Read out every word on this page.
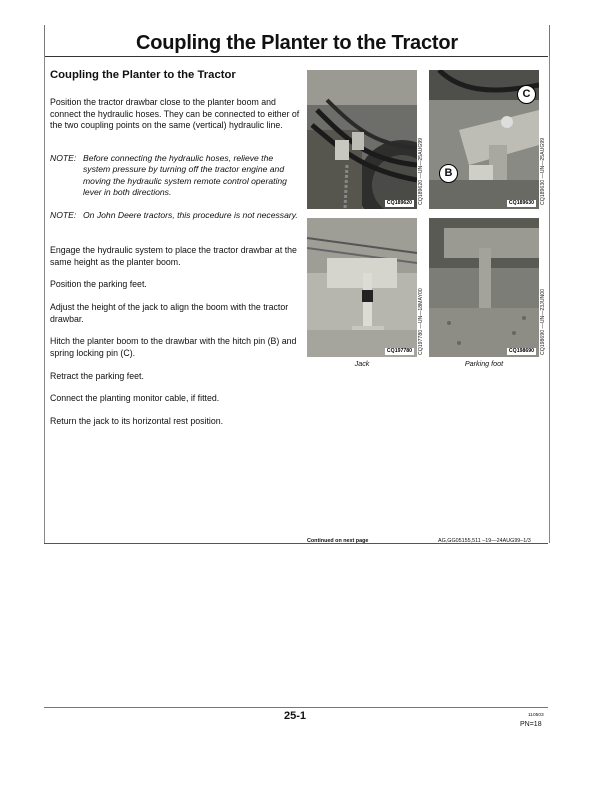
Coupling the Planter to the Tractor
Coupling the Planter to the Tractor

Position the tractor drawbar close to the planter boom and connect the hydraulic hoses. They can be connected to either of the two coupling points on the same (vertical) hydraulic line.

NOTE: Before connecting the hydraulic hoses, relieve the system pressure by turning off the tractor engine and moving the hydraulic system remote control operating lever in both directions.
NOTE: On John Deere tractors, this procedure is not necessary.

Engage the hydraulic system to place the tractor drawbar at the same height as the planter boom.

Position the parking feet.

Adjust the height of the jack to align the boom with the tractor drawbar.

Hitch the planter boom to the drawbar with the hitch pin (B) and spring locking pin (C).

Retract the parking feet.

Connect the planting monitor cable, if fitted.

Return the jack to its horizontal rest position.

CQ189620	CQ189620 —UN—25AUG99
C
B
CQ189630	CQ189630 —UN—25AUG99
CQ197780	CQ197780 —UN—18MAY00
Jack
CQ198690	CQ198690 —UN—23JUN00
Parking foot
Continued on next page	AG,GG05155,511 –19—24AUG99–1/3
25-1	110503
PN=18
